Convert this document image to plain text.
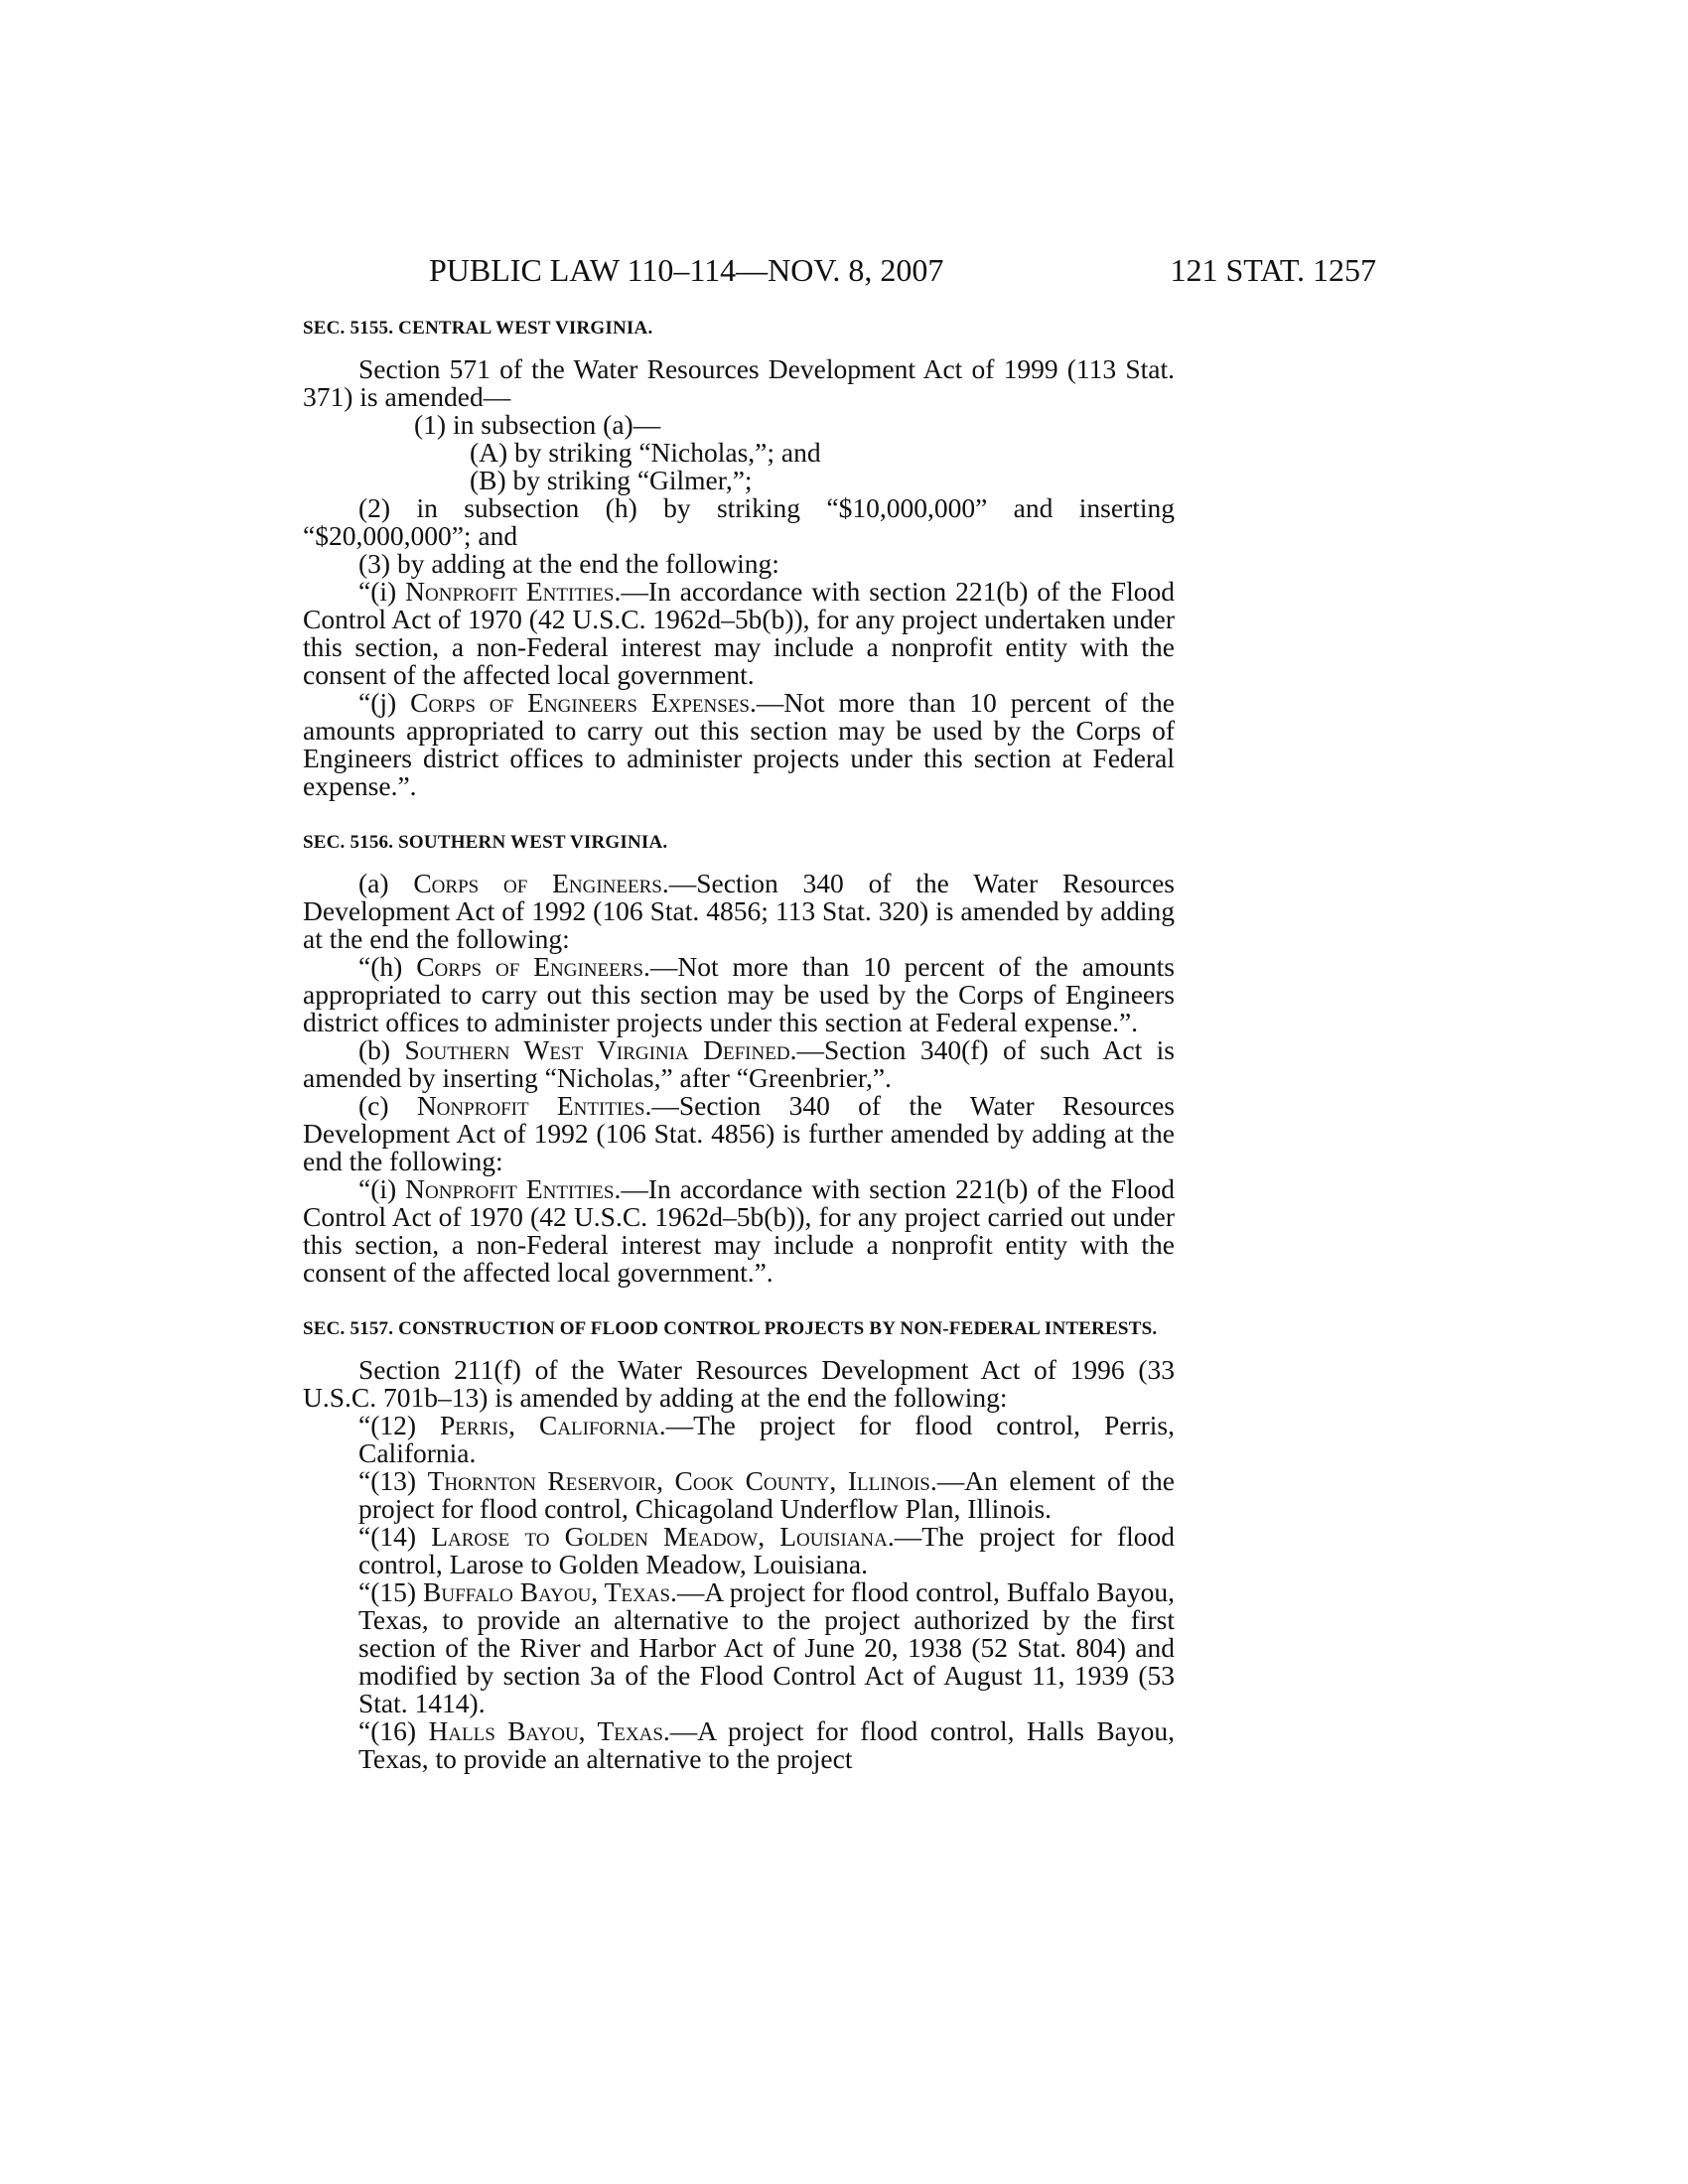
PUBLIC LAW 110–114—NOV. 8, 2007	121 STAT. 1257
SEC. 5155. CENTRAL WEST VIRGINIA.

Section 571 of the Water Resources Development Act of 1999 (113 Stat. 371) is amended—

(1) in subsection (a)—

(A) by striking “Nicholas,”; and

(B) by striking “Gilmer,”;

(2) in subsection (h) by striking “$10,000,000” and inserting “$20,000,000”; and

(3) by adding at the end the following:

“(i) Nonprofit Entities.—In accordance with section 221(b) of the Flood Control Act of 1970 (42 U.S.C. 1962d–5b(b)), for any project undertaken under this section, a non-Federal interest may include a nonprofit entity with the consent of the affected local government.

“(j) Corps of Engineers Expenses.—Not more than 10 percent of the amounts appropriated to carry out this section may be used by the Corps of Engineers district offices to administer projects under this section at Federal expense.”.

SEC. 5156. SOUTHERN WEST VIRGINIA.

(a) Corps of Engineers.—Section 340 of the Water Resources Development Act of 1992 (106 Stat. 4856; 113 Stat. 320) is amended by adding at the end the following:

“(h) Corps of Engineers.—Not more than 10 percent of the amounts appropriated to carry out this section may be used by the Corps of Engineers district offices to administer projects under this section at Federal expense.”.

(b) Southern West Virginia Defined.—Section 340(f) of such Act is amended by inserting “Nicholas,” after “Greenbrier,”.

(c) Nonprofit Entities.—Section 340 of the Water Resources Development Act of 1992 (106 Stat. 4856) is further amended by adding at the end the following:

“(i) Nonprofit Entities.—In accordance with section 221(b) of the Flood Control Act of 1970 (42 U.S.C. 1962d–5b(b)), for any project carried out under this section, a non-Federal interest may include a nonprofit entity with the consent of the affected local government.”.

SEC. 5157. CONSTRUCTION OF FLOOD CONTROL PROJECTS BY NON-FEDERAL INTERESTS.

Section 211(f) of the Water Resources Development Act of 1996 (33 U.S.C. 701b–13) is amended by adding at the end the following:

“(12) Perris, California.—The project for flood control, Perris, California.

“(13) Thornton Reservoir, Cook County, Illinois.—An element of the project for flood control, Chicagoland Underflow Plan, Illinois.

“(14) Larose to Golden Meadow, Louisiana.—The project for flood control, Larose to Golden Meadow, Louisiana.

“(15) Buffalo Bayou, Texas.—A project for flood control, Buffalo Bayou, Texas, to provide an alternative to the project authorized by the first section of the River and Harbor Act of June 20, 1938 (52 Stat. 804) and modified by section 3a of the Flood Control Act of August 11, 1939 (53 Stat. 1414).

“(16) Halls Bayou, Texas.—A project for flood control, Halls Bayou, Texas, to provide an alternative to the project
